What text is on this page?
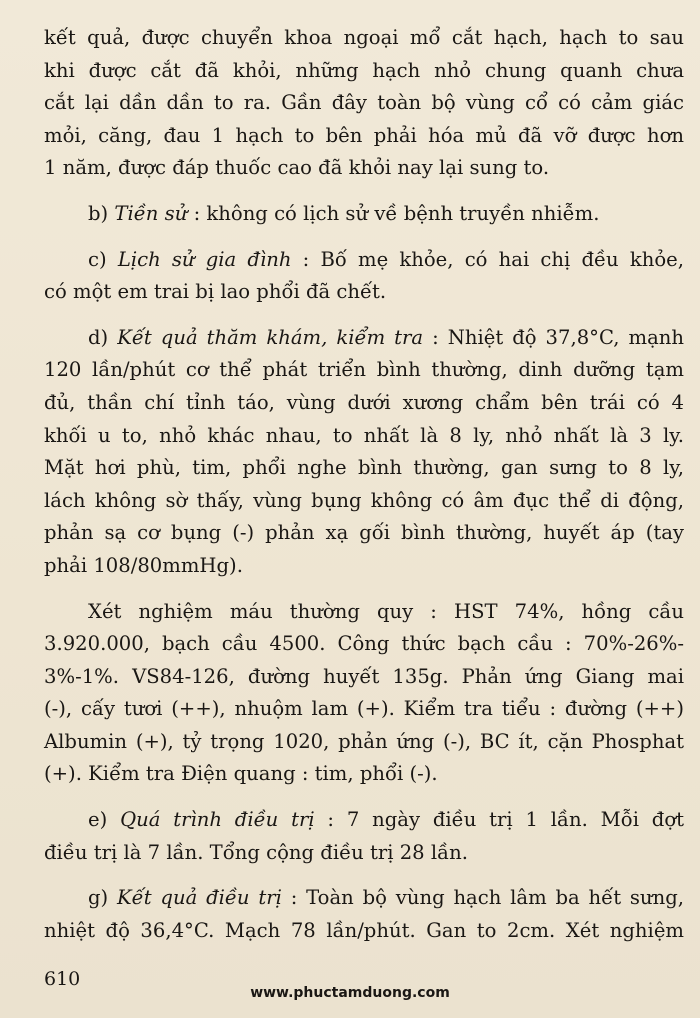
kết quả, được chuyển khoa ngoại mổ cắt hạch, hạch to sau
khi được cắt đã khỏi, những hạch nhỏ chung quanh chưa
cắt lại dần dần to ra. Gần đây toàn bộ vùng cổ có cảm giác
mỏi, căng, đau 1 hạch to bên phải hóa mủ đã vỡ được hơn
1 năm, được đáp thuốc cao đã khỏi nay lại sung to.

b) Tiền sử : không có lịch sử về bệnh truyền nhiễm.

c) Lịch sử gia đình : Bố mẹ khỏe, có hai chị đều khỏe,
có một em trai bị lao phổi đã chết.

d) Kết quả thăm khám, kiểm tra : Nhiệt độ 37,8°C, mạnh
120 lần/phút cơ thể phát triển bình thường, dinh dưỡng tạm
đủ, thần chí tỉnh táo, vùng dưới xương chẩm bên trái có 4
khối u to, nhỏ khác nhau, to nhất là 8 ly, nhỏ nhất là 3 ly.
Mặt hơi phù, tim, phổi nghe bình thường, gan sưng to 8 ly,
lách không sờ thấy, vùng bụng không có âm đục thể di động,
phản sạ cơ bụng (-) phản xạ gối bình thường, huyết áp (tay
phải 108/80mmHg).

Xét nghiệm máu thường quy : HST 74%, hồng cầu
3.920.000, bạch cầu 4500. Công thức bạch cầu : 70%-26%-
3%-1%. VS84-126, đường huyết 135g. Phản ứng Giang mai
(-), cấy tươi (++), nhuộm lam (+). Kiểm tra tiểu : đường (++)
Albumin (+), tỷ trọng 1020, phản ứng (-), BC ít, cặn Phosphat
(+). Kiểm tra Điện quang : tim, phổi (-).

e) Quá trình điều trị : 7 ngày điều trị 1 lần. Mỗi đợt
điều trị là 7 lần. Tổng cộng điều trị 28 lần.

g) Kết quả điều trị : Toàn bộ vùng hạch lâm ba hết sưng,
nhiệt độ 36,4°C. Mạch 78 lần/phút. Gan to 2cm. Xét nghiệm

610
www.phuctamduong.com
